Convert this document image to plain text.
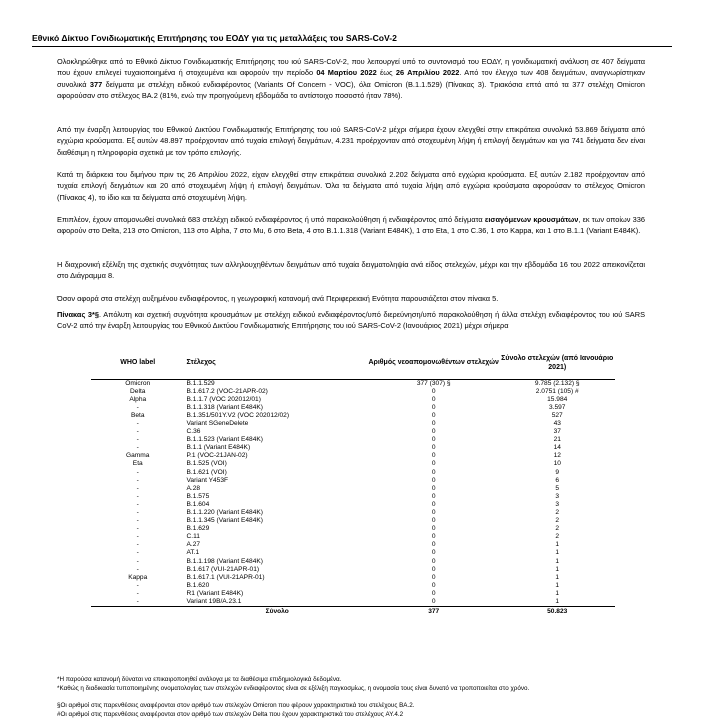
Εθνικό Δίκτυο Γονιδιωματικής Επιτήρησης του ΕΟΔΥ για τις μεταλλάξεις του SARS-CoV-2

Ολοκληρώθηκε από το Εθνικό Δίκτυο Γονιδιωματικής Επιτήρησης του ιού SARS-CoV-2, που λειτουργεί υπό το συντονισμό του ΕΟΔΥ, η γονιδιωματική ανάλυση σε 407 δείγματα που έχουν επιλεγεί τυχαιοποιημένα ή στοχευμένα και αφορούν την περίοδο 04 Μαρτίου 2022 έως 26 Απριλίου 2022. Από τον έλεγχο των 408 δειγμάτων, αναγνωρίστηκαν συνολικά 377 δείγματα με στελέχη ειδικού ενδιαφέροντος (Variants Of Concern - VOC), όλα Omicron (B.1.1.529) (Πίνακας 3). Τριακόσια επτά από τα 377 στελέχη Omicron αφορούσαν στο στέλεχος BA.2 (81%, ενώ την προηγούμενη εβδομάδα το αντίστοιχο ποσοστό ήταν 78%).

Από την έναρξη λειτουργίας του Εθνικού Δικτύου Γονιδιωματικής Επιτήρησης του ιού SARS-CoV-2 μέχρι σήμερα έχουν ελεγχθεί στην επικράτεια συνολικά 53.869 δείγματα από εγχώρια κρούσματα. Εξ αυτών 48.897 προέρχονταν από τυχαία επιλογή δειγμάτων, 4.231 προέρχονταν από στοχευμένη λήψη ή επιλογή δειγμάτων και για 741 δείγματα δεν είναι διαθέσιμη η πληροφορία σχετικά με τον τρόπο επιλογής.

Κατά τη διάρκεια του διμήνου πριν τις 26 Απριλίου 2022, είχαν ελεγχθεί στην επικράτεια συνολικά 2.202 δείγματα από εγχώρια κρούσματα. Εξ αυτών 2.182 προέρχονταν από τυχαία επιλογή δειγμάτων και 20 από στοχευμένη λήψη ή επιλογή δειγμάτων. Όλα τα δείγματα από τυχαία λήψη από εγχώρια κρούσματα αφορούσαν το στέλεχος Omicron (Πίνακας 4), το ίδιο και τα δείγματα από στοχευμένη λήψη.

Επιπλέον, έχουν απομονωθεί συνολικά 683 στελέχη ειδικού ενδιαφέροντος ή υπό παρακολούθηση ή ενδιαφέροντος από δείγματα εισαγόμενων κρουσμάτων, εκ των οποίων 336 αφορούν στο Delta, 213 στο Omicron, 113 στο Alpha, 7 στο Mu, 6 στο Beta, 4 στο B.1.1.318 (Variant E484K), 1 στο Eta, 1 στο C.36, 1 στο Kappa, και 1 στο B.1.1 (Variant E484K).

Η διαχρονική εξέλιξη της σχετικής συχνότητας των αλληλουχηθέντων δειγμάτων από τυχαία δειγματοληψία ανά είδος στελεχών, μέχρι και την εβδομάδα 16 του 2022 απεικονίζεται στο Διάγραμμα 8.

Όσον αφορά στα στελέχη αυξημένου ενδιαφέροντος, η γεωγραφική κατανομή ανά Περιφερειακή Ενότητα παρουσιάζεται στον πίνακα 5.

Πίνακας 3*§. Απόλυτη και σχετική συχνότητα κρουσμάτων με στελέχη ειδικού ενδιαφέροντος/υπό διερεύνηση/υπό παρακολούθηση ή άλλα στελέχη ενδιαφέροντος του ιού SARS CoV-2 από την έναρξη λειτουργίας του Εθνικού Δικτύου Γονιδιωματικής Επιτήρησης του ιού SARS-CoV-2 (Ιανουάριος 2021) μέχρι σήμερα

WHO label	Στέλεχος	Αριθμός νεοαπομονωθέντων στελεχών	Σύνολο στελεχών (από Ιανουάριο 2021)
Omicron	B.1.1.529	377 (307) §	9.785 (2.132) §
Delta	B.1.617.2 (VOC-21APR-02)	0	2.0751 (105) #
Alpha	B.1.1.7 (VOC 202012/01)	0	15.984
-	B.1.1.318 (Variant E484K)	0	3.597
Beta	B.1.351/501Y.V2 (VOC 202012/02)	0	527
-	Variant SGeneDelete	0	43
-	C.36	0	37
-	B.1.1.523 (Variant E484K)	0	21
-	B.1.1 (Variant E484K)	0	14
Gamma	P.1 (VOC-21JAN-02)	0	12
Eta	B.1.525 (VOI)	0	10
-	B.1.621 (VOI)	0	9
-	Variant Y453F	0	6
-	A.28	0	5
-	B.1.575	0	3
-	B.1.604	0	3
-	B.1.1.220 (Variant E484K)	0	2
-	B.1.1.345 (Variant E484K)	0	2
-	B.1.629	0	2
-	C.11	0	2
-	A.27	0	1
-	AT.1	0	1
-	B.1.1.198 (Variant E484K)	0	1
-	B.1.617 (VUI-21APR-01)	0	1
Kappa	B.1.617.1 (VUI-21APR-01)	0	1
-	B.1.620	0	1
-	R1 (Variant E484K)	0	1
-	Variant 19B/A.23.1	0	1
	Σύνολο	377	50.823

*Η παρούσα κατανομή δύναται να επικαιροποιηθεί ανάλογα με τα διαθέσιμα επιδημιολογικά δεδομένα.

*Καθώς η διαδικασία τυποποιημένης ονοματολογίας των στελεχών ενδιαφέροντος είναι σε εξέλιξη παγκοσμίως, η ονομασία τους είναι δυνατό να τροποποιείται στο χρόνο.

§Οι αριθμοί στις παρενθέσεις αναφέρονται στον αριθμό των στελεχών Omicron που φέρουν χαρακτηριστικά του στελέχους BA.2.

#Οι αριθμοί στις παρενθέσεις αναφέρονται στον αριθμό των στελεχών Delta που έχουν χαρακτηριστικά του στελέχους AY.4.2
